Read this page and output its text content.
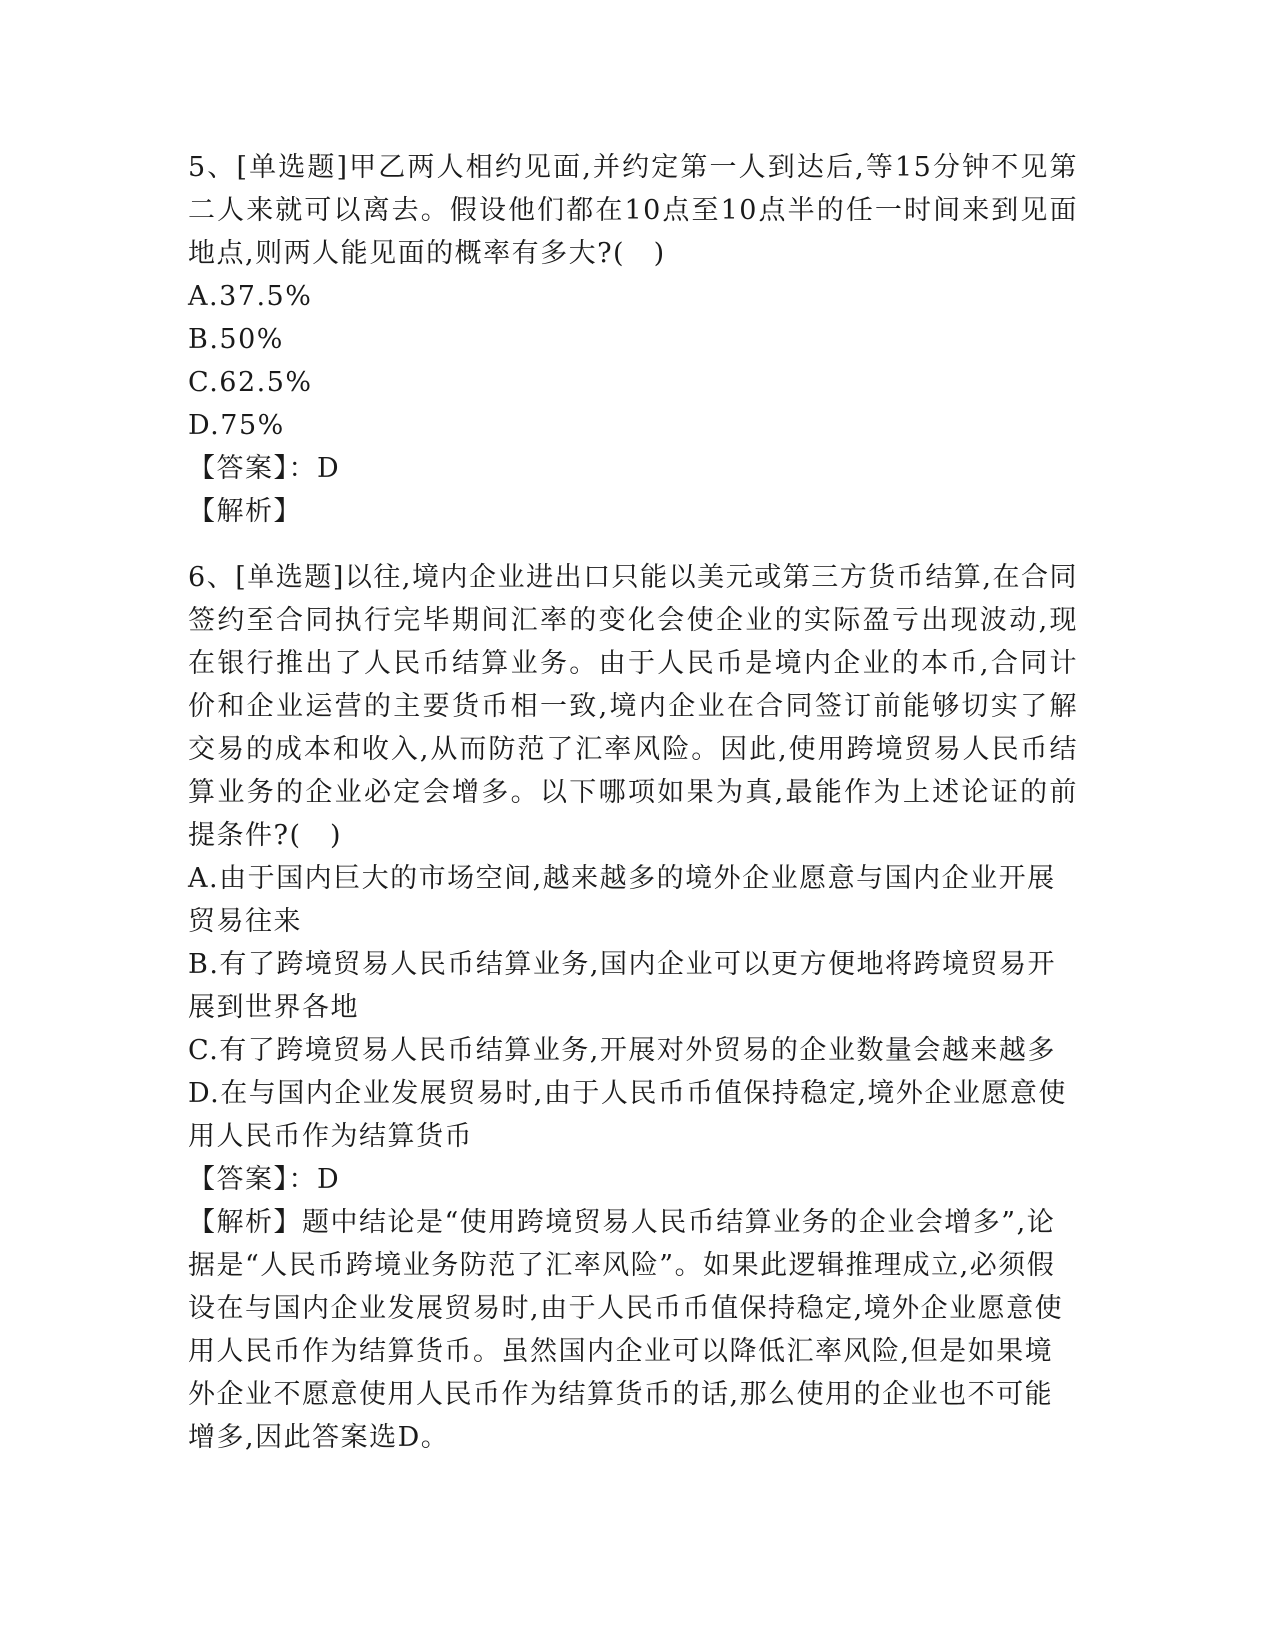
5、[单选题]甲乙两人相约见面,并约定第一人到达后,等15分钟不见第二人来就可以离去。假设他们都在10点至10点半的任一时间来到见面地点,则两人能见面的概率有多大?(　)

A.37.5%

B.50%

C.62.5%

D.75%

【答案】：D

【解析】

6、[单选题]以往,境内企业进出口只能以美元或第三方货币结算,在合同签约至合同执行完毕期间汇率的变化会使企业的实际盈亏出现波动,现在银行推出了人民币结算业务。由于人民币是境内企业的本币,合同计价和企业运营的主要货币相一致,境内企业在合同签订前能够切实了解交易的成本和收入,从而防范了汇率风险。因此,使用跨境贸易人民币结算业务的企业必定会增多。以下哪项如果为真,最能作为上述论证的前提条件?(　)

A.由于国内巨大的市场空间,越来越多的境外企业愿意与国内企业开展贸易往来

B.有了跨境贸易人民币结算业务,国内企业可以更方便地将跨境贸易开展到世界各地

C.有了跨境贸易人民币结算业务,开展对外贸易的企业数量会越来越多

D.在与国内企业发展贸易时,由于人民币币值保持稳定,境外企业愿意使用人民币作为结算货币

【答案】：D

【解析】题中结论是“使用跨境贸易人民币结算业务的企业会增多”,论据是“人民币跨境业务防范了汇率风险”。如果此逻辑推理成立,必须假设在与国内企业发展贸易时,由于人民币币值保持稳定,境外企业愿意使用人民币作为结算货币。虽然国内企业可以降低汇率风险,但是如果境外企业不愿意使用人民币作为结算货币的话,那么使用的企业也不可能增多,因此答案选D。
